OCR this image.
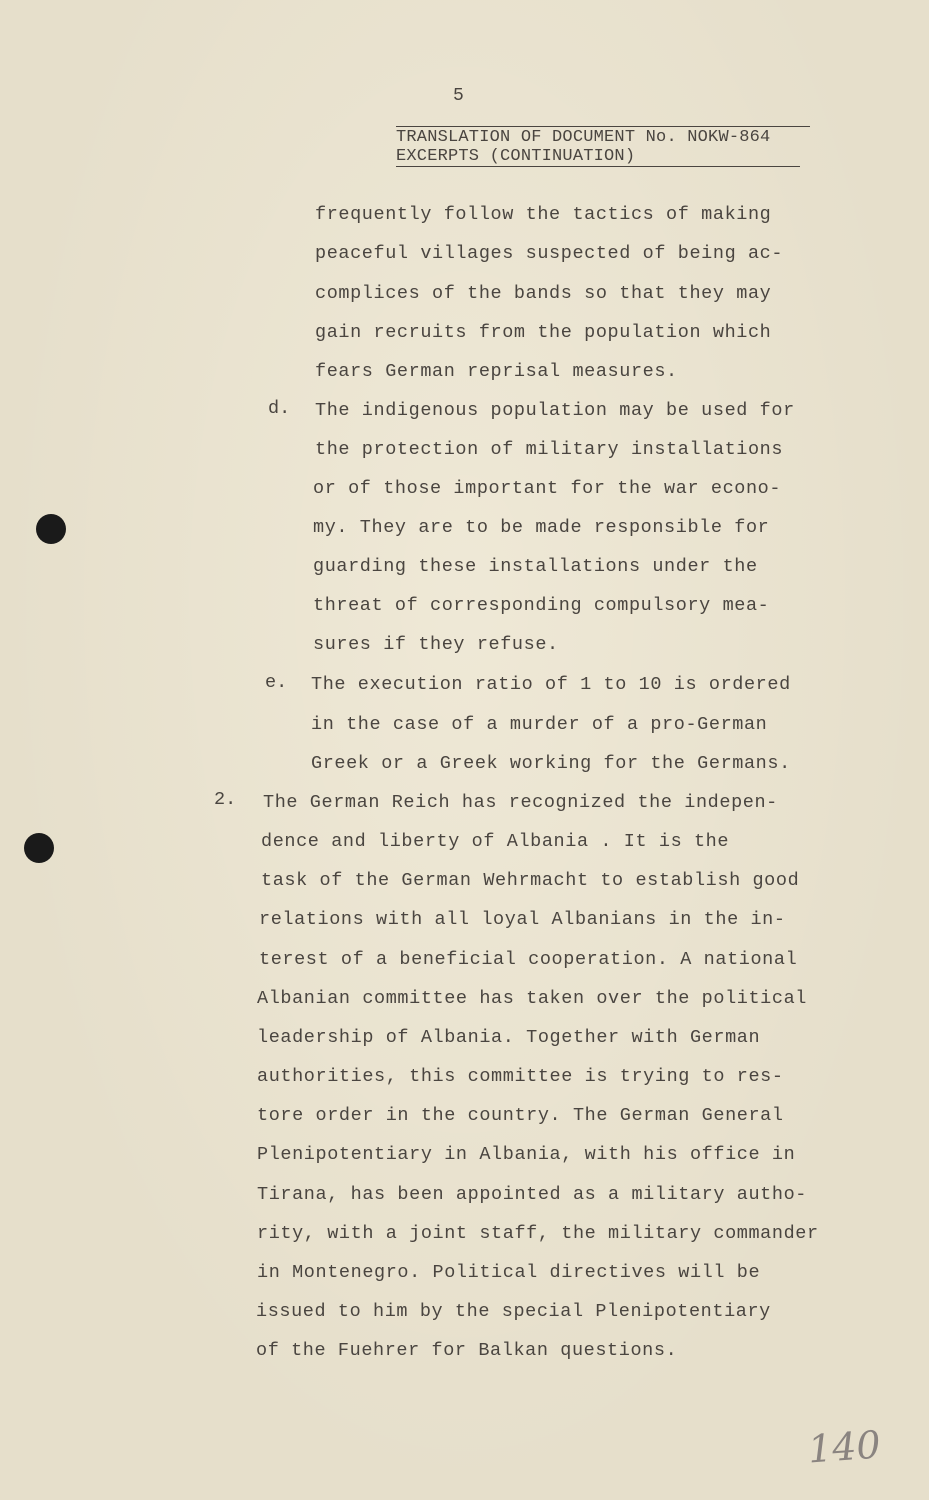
5
TRANSLATION OF DOCUMENT No. NOKW-864
EXCERPTS (CONTINUATION)
frequently follow the tactics of making
peaceful villages suspected of being ac-
complices of the bands so that they may
gain recruits from the population which
fears German reprisal measures.
d. The indigenous population may be used for
the protection of military installations
or of those important for the war econo-
my. They are to be made responsible for
guarding these installations under the
threat of corresponding compulsory mea-
sures if they refuse.
e. The execution ratio of 1 to 10 is ordered
in the case of a murder of a pro-German
Greek or a Greek working for the Germans.
2. The German Reich has recognized the indepen-
dence and liberty of Albania . It is the
task of the German Wehrmacht to establish good
relations with all loyal Albanians in the in-
terest of a beneficial cooperation. A national
Albanian committee has taken over the political
leadership of Albania. Together with German
authorities, this committee is trying to res-
tore order in the country. The German General
Plenipotentiary in Albania, with his office in
Tirana, has been appointed as a military autho-
rity, with a joint staff, the military commander
in Montenegro. Political directives will be
issued to him by the special Plenipotentiary
of the Fuehrer for Balkan questions.
140
